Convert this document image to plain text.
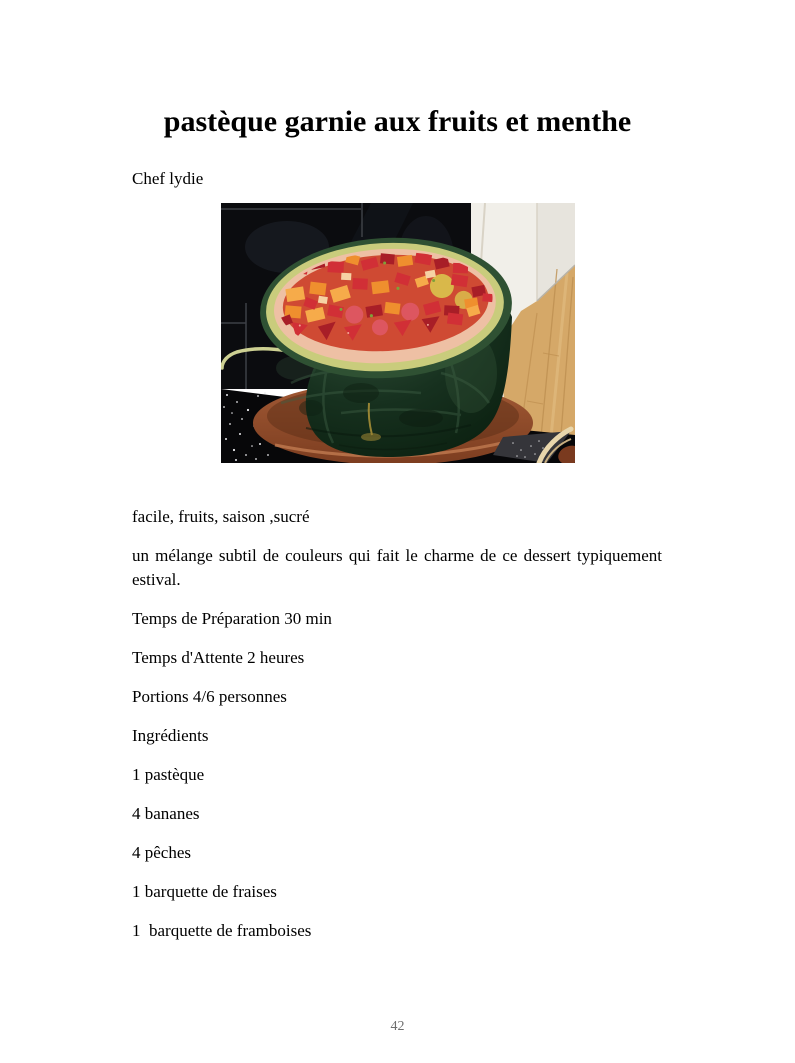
pastèque garnie aux fruits et menthe

Chef lydie

facile, fruits, saison ,sucré

un mélange subtil de couleurs qui fait le charme de ce dessert typiquement estival.

Temps de Préparation 30 min

Temps d'Attente 2 heures

Portions 4/6 personnes

Ingrédients

1 pastèque

4 bananes

4 pêches

1 barquette de fraises

1  barquette de framboises

42
